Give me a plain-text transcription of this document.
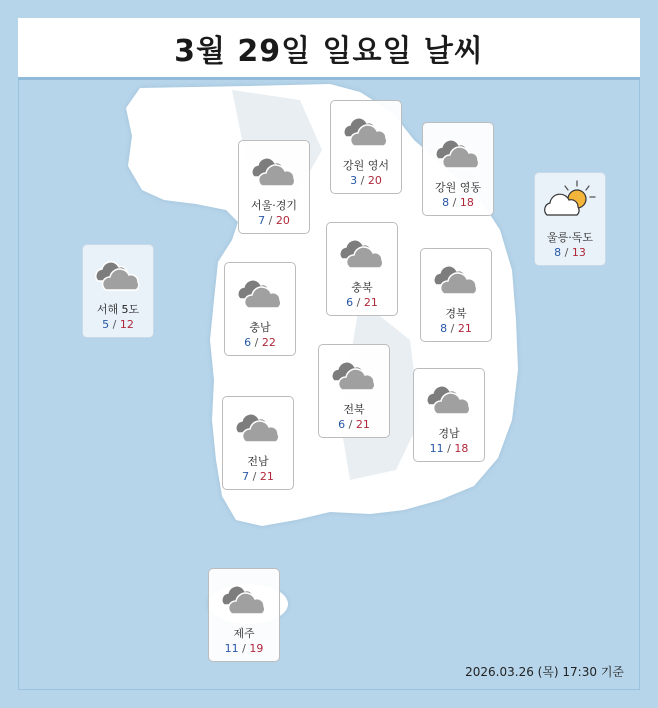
3월 29일 일요일 날씨
서울·경기
7 / 20
강원 영서
3 / 20
강원 영동
8 / 18
울릉·독도
8 / 13
서해 5도
5 / 12	충남
6 / 22
충북
6 / 21
경북
8 / 21
전북
6 / 21
경남
11 / 18
전남
7 / 21
제주
11 / 19
2026.03.26 (목) 17:30 기준
